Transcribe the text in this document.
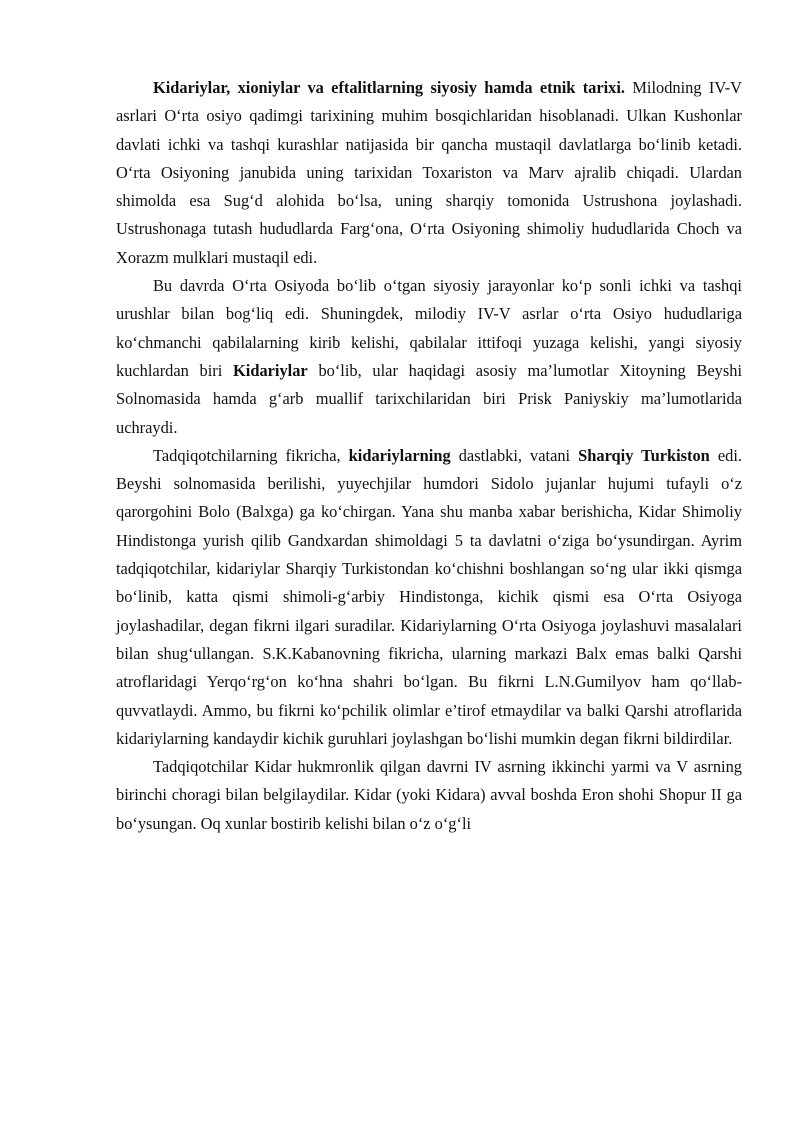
Kidariylar, xioniylar va eftalitlarning siyosiy hamda etnik tarixi. Milodning IV-V asrlari O‘rta osiyo qadimgi tarixining muhim bosqichlaridan hisoblanadi. Ulkan Kushonlar davlati ichki va tashqi kurashlar natijasida bir qancha mustaqil davlatlarga bo‘linib ketadi. O‘rta Osiyoning janubida uning tarixidan Toxariston va Marv ajralib chiqadi. Ulardan shimolda esa Sug‘d alohida bo‘lsa, uning sharqiy tomonida Ustrushona joylashadi. Ustrushonaga tutash hududlarda Farg‘ona, O‘rta Osiyoning shimoliy hududlarida Choch va Xorazm mulklari mustaqil edi.

Bu davrda O‘rta Osiyoda bo‘lib o‘tgan siyosiy jarayonlar ko‘p sonli ichki va tashqi urushlar bilan bog‘liq edi. Shuningdek, milodiy IV-V asrlar o‘rta Osiyo hududlariga ko‘chmanchi qabilalarning kirib kelishi, qabilalar ittifoqi yuzaga kelishi, yangi siyosiy kuchlardan biri Kidariylar bo‘lib, ular haqidagi asosiy ma’lumotlar Xitoyning Beyshi Solnomasida hamda g‘arb muallif tarixchilaridan biri Prisk Paniyskiy ma’lumotlarida uchraydi.

Tadqiqotchilarning fikricha, kidariylarning dastlabki, vatani Sharqiy Turkiston edi. Beyshi solnomasida berilishi, yuyechjilar humdori Sidolo jujanlar hujumi tufayli o‘z qarorgohini Bolo (Balxga) ga ko‘chirgan. Yana shu manba xabar berishicha, Kidar Shimoliy Hindistonga yurish qilib Gandxardan shimoldagi 5 ta davlatni o‘ziga bo‘ysundirgan. Ayrim tadqiqotchilar, kidariylar Sharqiy Turkistondan ko‘chishni boshlangan so‘ng ular ikki qismga bo‘linib, katta qismi shimoli-g‘arbiy Hindistonga, kichik qismi esa O‘rta Osiyoga joylashadilar, degan fikrni ilgari suradilar. Kidariylarning O‘rta Osiyoga joylashuvi masalalari bilan shug‘ullangan. S.K.Kabanovning fikricha, ularning markazi Balx emas balki Qarshi atroflaridagi Yerqo‘rg‘on ko‘hna shahri bo‘lgan. Bu fikrni L.N.Gumilyov ham qo‘llab-quvvatlaydi. Ammo, bu fikrni ko‘pchilik olimlar e’tirof etmaydilar va balki Qarshi atroflarida kidariylarning kandaydir kichik guruhlari joylashgan bo‘lishi mumkin degan fikrni bildirdilar.

Tadqiqotchilar Kidar hukmronlik qilgan davrni IV asrning ikkinchi yarmi va V asrning birinchi choragi bilan belgilaydilar. Kidar (yoki Kidara) avval boshda Eron shohi Shopur II ga bo‘ysungan. Oq xunlar bostirib kelishi bilan o‘z o‘g‘li
